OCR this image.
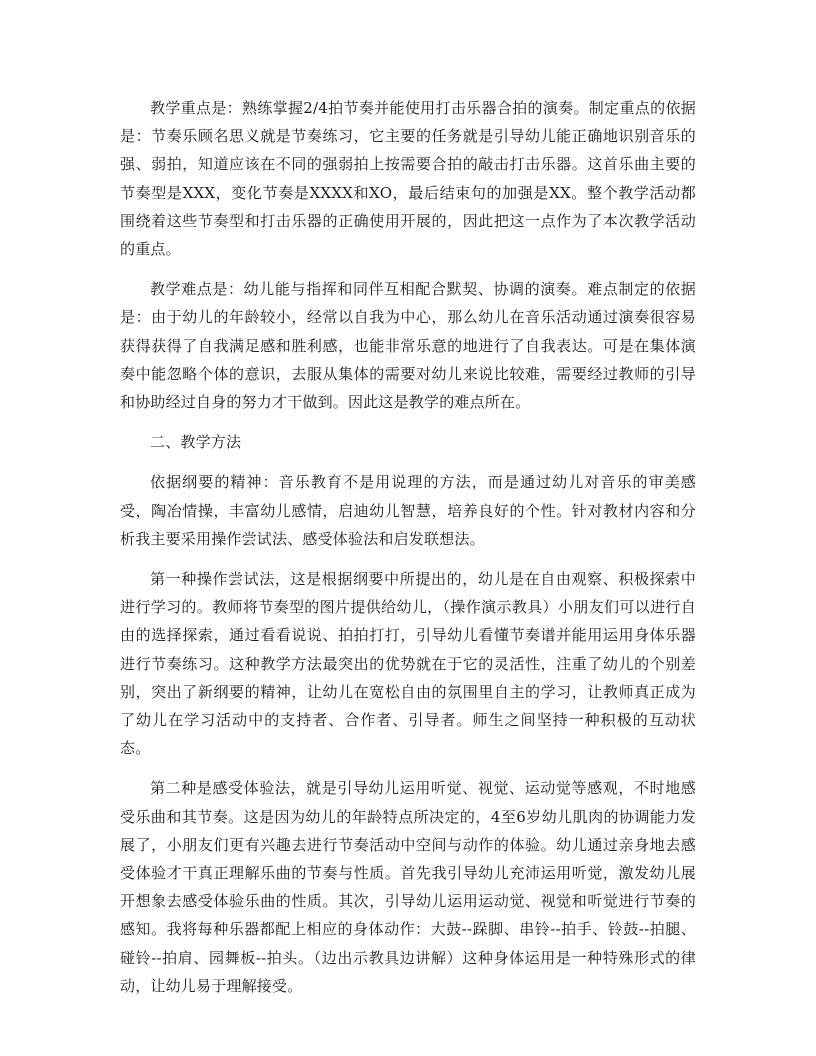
教学重点是：熟练掌握2/4拍节奏并能使用打击乐器合拍的演奏。制定重点的依据是：节奏乐顾名思义就是节奏练习，它主要的任务就是引导幼儿能正确地识别音乐的强、弱拍，知道应该在不同的强弱拍上按需要合拍的敲击打击乐器。这首乐曲主要的节奏型是XXX，变化节奏是XXXX和XO，最后结束句的加强是XX。整个教学活动都围绕着这些节奏型和打击乐器的正确使用开展的，因此把这一点作为了本次教学活动的重点。

教学难点是：幼儿能与指挥和同伴互相配合默契、协调的演奏。难点制定的依据是：由于幼儿的年龄较小，经常以自我为中心，那么幼儿在音乐活动通过演奏很容易获得获得了自我满足感和胜利感，也能非常乐意的地进行了自我表达。可是在集体演奏中能忽略个体的意识，去服从集体的需要对幼儿来说比较难，需要经过教师的引导和协助经过自身的努力才干做到。因此这是教学的难点所在。

二、教学方法

依据纲要的精神：音乐教育不是用说理的方法，而是通过幼儿对音乐的审美感受，陶冶情操，丰富幼儿感情，启迪幼儿智慧，培养良好的个性。针对教材内容和分析我主要采用操作尝试法、感受体验法和启发联想法。

第一种操作尝试法，这是根据纲要中所提出的，幼儿是在自由观察、积极探索中进行学习的。教师将节奏型的图片提供给幼儿，（操作演示教具）小朋友们可以进行自由的选择探索，通过看看说说、拍拍打打，引导幼儿看懂节奏谱并能用运用身体乐器进行节奏练习。这种教学方法最突出的优势就在于它的灵活性，注重了幼儿的个别差别，突出了新纲要的精神，让幼儿在宽松自由的氛围里自主的学习，让教师真正成为了幼儿在学习活动中的支持者、合作者、引导者。师生之间坚持一种积极的互动状态。

第二种是感受体验法，就是引导幼儿运用听觉、视觉、运动觉等感观，不时地感受乐曲和其节奏。这是因为幼儿的年龄特点所决定的，4至6岁幼儿肌肉的协调能力发展了，小朋友们更有兴趣去进行节奏活动中空间与动作的体验。幼儿通过亲身地去感受体验才干真正理解乐曲的节奏与性质。首先我引导幼儿充沛运用听觉，激发幼儿展开想象去感受体验乐曲的性质。其次，引导幼儿运用运动觉、视觉和听觉进行节奏的感知。我将每种乐器都配上相应的身体动作：大鼓--跺脚、串铃--拍手、铃鼓--拍腿、碰铃--拍肩、园舞板--拍头。（边出示教具边讲解）这种身体运用是一种特殊形式的律动，让幼儿易于理解接受。
